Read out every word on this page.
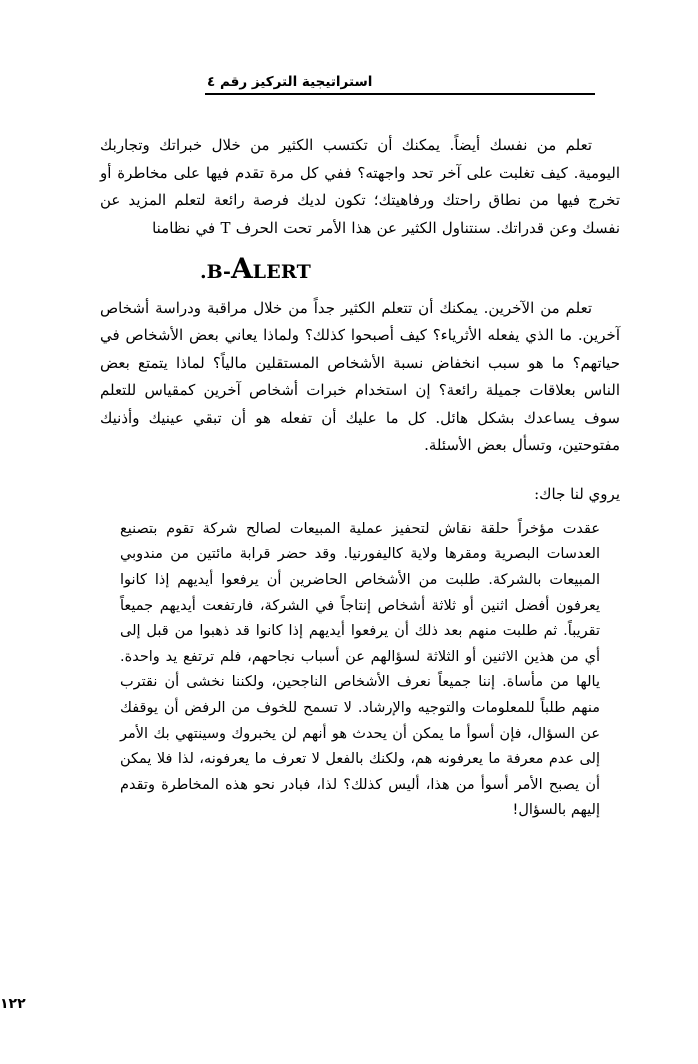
استراتيجية التركيز رقم ٤

تعلم من نفسك أيضاً. يمكنك أن تكتسب الكثير من خلال خبراتك وتجاربك اليومية. كيف تغلبت على آخر تحد واجهته؟ ففي كل مرة تقدم فيها على مخاطرة أو تخرج فيها من نطاق راحتك ورفاهيتك؛ تكون لديك فرصة رائعة لتعلم المزيد عن نفسك وعن قدراتك. سنتناول الكثير عن هذا الأمر تحت الحرف T في نظامنا

.B-ALERT

تعلم من الآخرين. يمكنك أن تتعلم الكثير جداً من خلال مراقبة ودراسة أشخاص آخرين. ما الذي يفعله الأثرياء؟ كيف أصبحوا كذلك؟ ولماذا يعاني بعض الأشخاص في حياتهم؟ ما هو سبب انخفاض نسبة الأشخاص المستقلين مالياً؟ لماذا يتمتع بعض الناس بعلاقات جميلة رائعة؟ إن استخدام خبرات أشخاص آخرين كمقياس للتعلم سوف يساعدك بشكل هائل. كل ما عليك أن تفعله هو أن تبقي عينيك وأذنيك مفتوحتين، وتسأل بعض الأسئلة.

يروي لنا جاك:

عقدت مؤخراً حلقة نقاش لتحفيز عملية المبيعات لصالح شركة تقوم بتصنيع العدسات البصرية ومقرها ولاية كاليفورنيا. وقد حضر قرابة مائتين من مندوبي المبيعات بالشركة. طلبت من الأشخاص الحاضرين أن يرفعوا أيديهم إذا كانوا يعرفون أفضل اثنين أو ثلاثة أشخاص إنتاجاً في الشركة، فارتفعت أيديهم جميعاً تقريباً. ثم طلبت منهم بعد ذلك أن يرفعوا أيديهم إذا كانوا قد ذهبوا من قبل إلى أي من هذين الاثنين أو الثلاثة لسؤالهم عن أسباب نجاحهم، فلم ترتفع يد واحدة. يالها من مأساة. إننا جميعاً نعرف الأشخاص الناجحين، ولكننا نخشى أن نقترب منهم طلباً للمعلومات والتوجيه والإرشاد. لا تسمح للخوف من الرفض أن يوقفك عن السؤال، فإن أسوأ ما يمكن أن يحدث هو أنهم لن يخبروك وسينتهي بك الأمر إلى عدم معرفة ما يعرفونه هم، ولكنك بالفعل لا تعرف ما يعرفونه، لذا فلا يمكن أن يصبح الأمر أسوأ من هذا، أليس كذلك؟ لذا، فبادر نحو هذه المخاطرة وتقدم إليهم بالسؤال!

١٢٢
